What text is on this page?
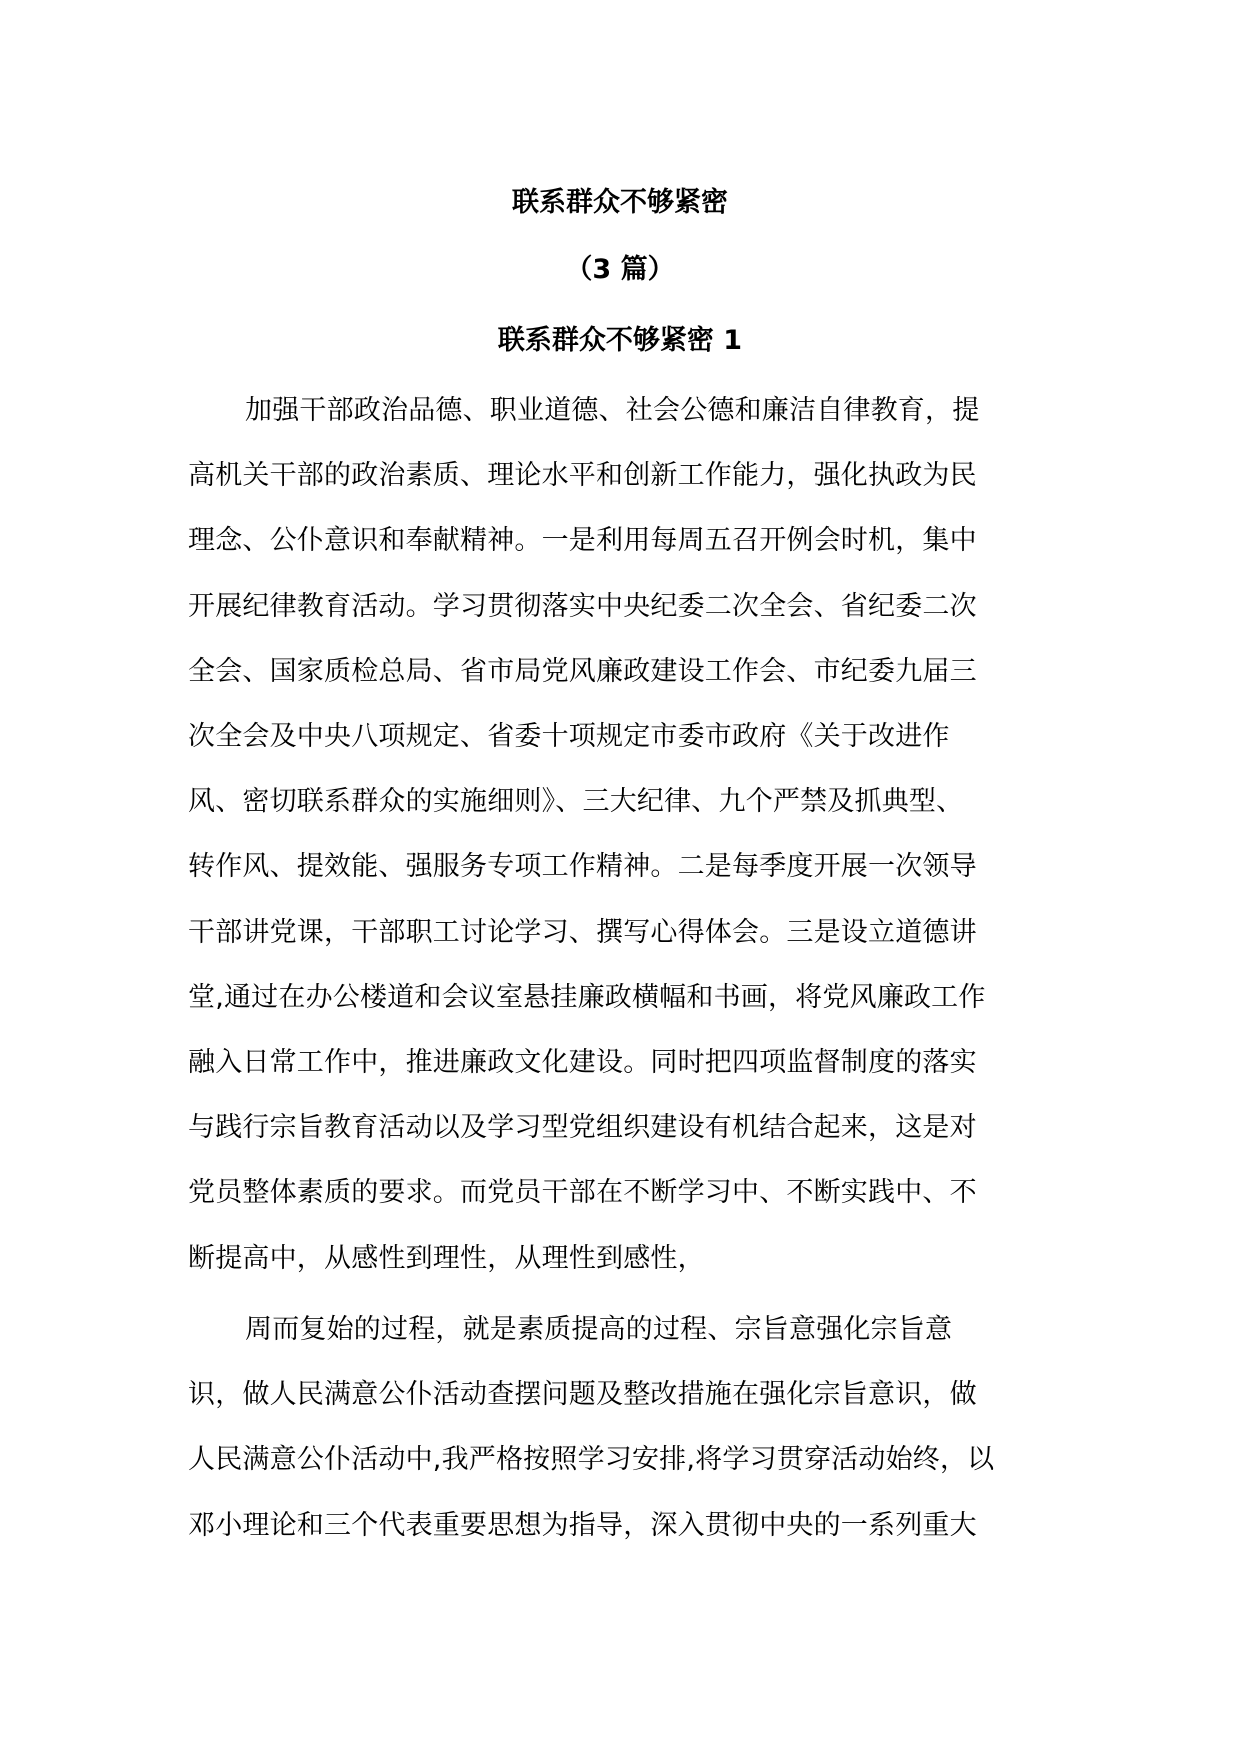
联系群众不够紧密
（3 篇）
联系群众不够紧密 1
加强干部政治品德、职业道德、社会公德和廉洁自律教育，提
高机关干部的政治素质、理论水平和创新工作能力，强化执政为民
理念、公仆意识和奉献精神。一是利用每周五召开例会时机，集中
开展纪律教育活动。学习贯彻落实中央纪委二次全会、省纪委二次
全会、国家质检总局、省市局党风廉政建设工作会、市纪委九届三
次全会及中央八项规定、省委十项规定市委市政府《关于改进作
风、密切联系群众的实施细则》、三大纪律、九个严禁及抓典型、
转作风、提效能、强服务专项工作精神。二是每季度开展一次领导
干部讲党课，干部职工讨论学习、撰写心得体会。三是设立道德讲
堂,通过在办公楼道和会议室悬挂廉政横幅和书画，将党风廉政工作
融入日常工作中，推进廉政文化建设。同时把四项监督制度的落实
与践行宗旨教育活动以及学习型党组织建设有机结合起来，这是对
党员整体素质的要求。而党员干部在不断学习中、不断实践中、不
断提高中，从感性到理性，从理性到感性，
周而复始的过程，就是素质提高的过程、宗旨意强化宗旨意
识，做人民满意公仆活动查摆问题及整改措施在强化宗旨意识，做
人民满意公仆活动中,我严格按照学习安排,将学习贯穿活动始终，以
邓小理论和三个代表重要思想为指导，深入贯彻中央的一系列重大
